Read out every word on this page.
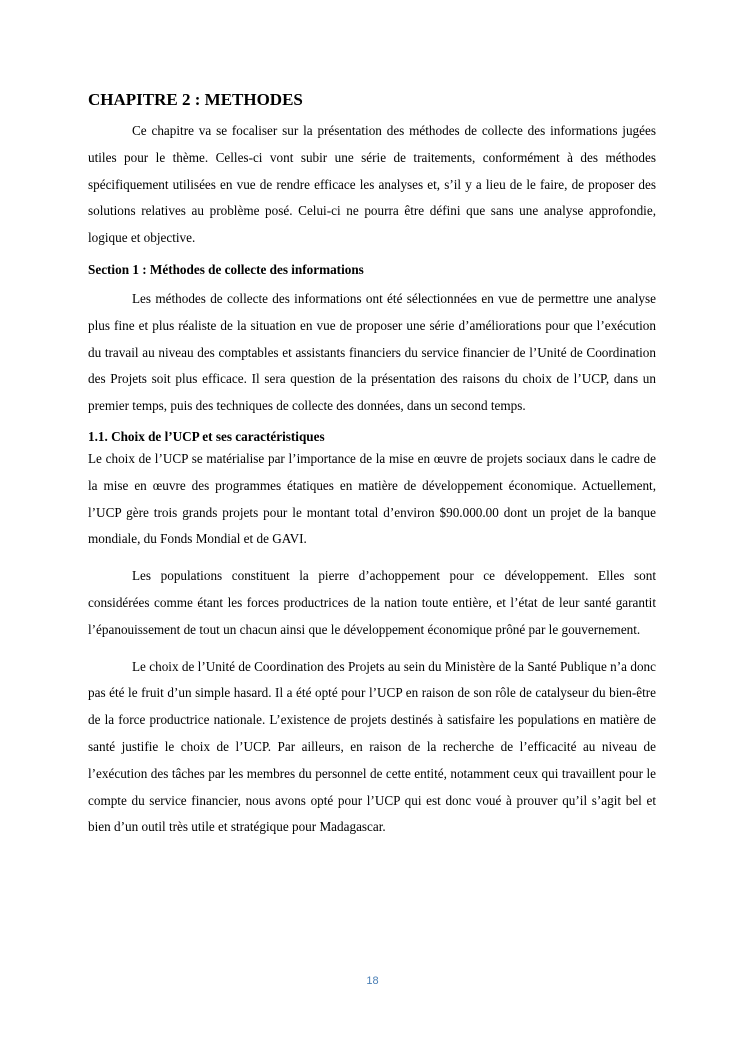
CHAPITRE 2 : METHODES

Ce chapitre va se focaliser sur la présentation des méthodes de collecte des informations jugées utiles pour le thème. Celles-ci vont subir une série de traitements, conformément à des méthodes spécifiquement utilisées en vue de rendre efficace les analyses et, s’il y a lieu de le faire, de proposer des solutions relatives au problème posé. Celui-ci ne pourra être défini que sans une analyse approfondie, logique et objective.

Section 1 : Méthodes de collecte des informations

Les méthodes de collecte des informations ont été sélectionnées en vue de permettre une analyse plus fine et plus réaliste de la situation en vue de proposer une série d’améliorations pour que l’exécution du travail au niveau des comptables et assistants financiers du service financier de l’Unité de Coordination des Projets soit plus efficace. Il sera question de la présentation des raisons du choix de l’UCP, dans un premier temps, puis des techniques de collecte des données, dans un second temps.

1.1. Choix de l’UCP et ses caractéristiques

Le choix de l’UCP se matérialise par l’importance de la mise en œuvre de projets sociaux dans le cadre de la mise en œuvre des programmes étatiques en matière de développement économique. Actuellement, l’UCP gère trois grands projets pour le montant total d’environ $90.000.00 dont un projet de la banque mondiale, du Fonds Mondial et de GAVI.

Les populations constituent la pierre d’achoppement pour ce développement. Elles sont considérées comme étant les forces productrices de la nation toute entière, et l’état de leur santé garantit l’épanouissement de tout un chacun ainsi que le développement économique prôné par le gouvernement.

Le choix de l’Unité de Coordination des Projets au sein du Ministère de la Santé Publique n’a donc pas été le fruit d’un simple hasard. Il a été opté pour l’UCP en raison de son rôle de catalyseur du bien-être de la force productrice nationale. L’existence de projets destinés à satisfaire les populations en matière de santé justifie le choix de l’UCP. Par ailleurs, en raison de la recherche de l’efficacité au niveau de l’exécution des tâches par les membres du personnel de cette entité, notamment ceux qui travaillent pour le compte du service financier, nous avons opté pour l’UCP qui est donc voué à prouver qu’il s’agit bel et bien d’un outil très utile et stratégique pour Madagascar.

18
